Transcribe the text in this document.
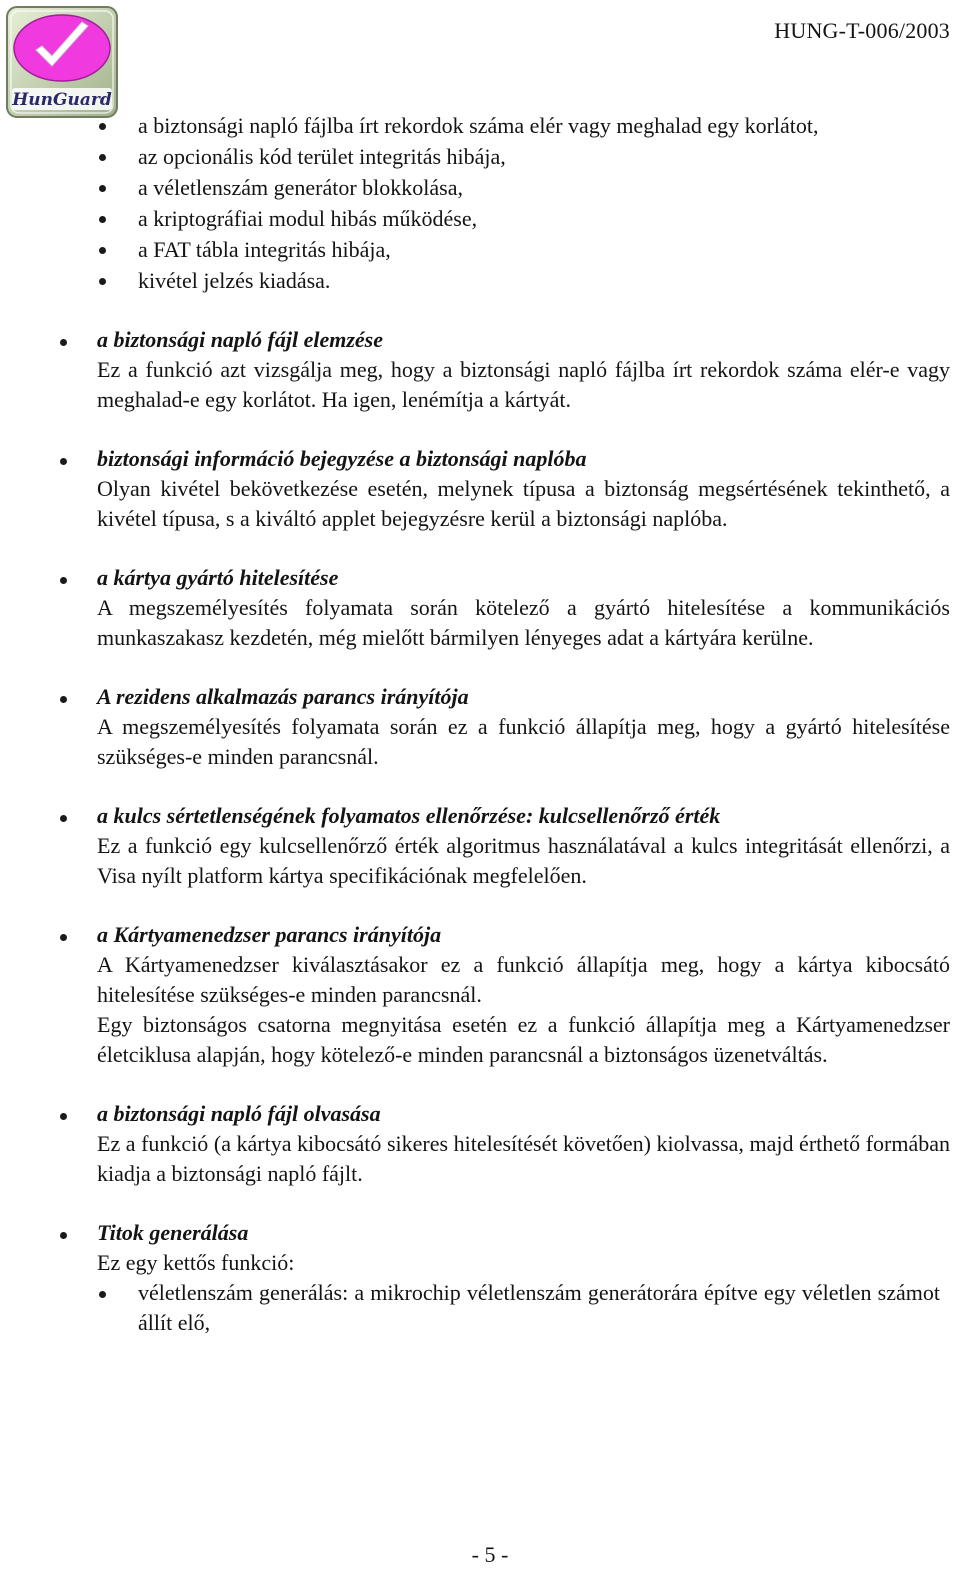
HunGuard
HUNG-T-006/2003
a biztonsági napló fájlba írt rekordok száma elér vagy meghalad egy korlátot,
az opcionális kód terület integritás hibája,
a véletlenszám generátor blokkolása,
a kriptográfiai modul hibás működése,
a FAT tábla integritás hibája,
kivétel jelzés kiadása.
a biztonsági napló fájl elemzése
Ez a funkció azt vizsgálja meg, hogy a biztonsági napló fájlba írt rekordok száma elér-e vagy meghalad-e egy korlátot. Ha igen, lenémítja a kártyát.
biztonsági információ bejegyzése a biztonsági naplóba
Olyan kivétel bekövetkezése esetén, melynek típusa a biztonság megsértésének tekinthető, a kivétel típusa, s a kiváltó applet bejegyzésre kerül a biztonsági naplóba.
a kártya gyártó hitelesítése
A megszemélyesítés folyamata során kötelező a gyártó hitelesítése a kommunikációs munkaszakasz kezdetén, még mielőtt bármilyen lényeges adat a kártyára kerülne.
A rezidens alkalmazás parancs irányítója
A megszemélyesítés folyamata során ez a funkció állapítja meg, hogy a gyártó hitelesítése szükséges-e minden parancsnál.
a kulcs sértetlenségének folyamatos ellenőrzése: kulcsellenőrző érték
Ez a funkció egy kulcsellenőrző érték algoritmus használatával a kulcs integritását ellenőrzi, a Visa nyílt platform kártya specifikációnak megfelelően.
a Kártyamenedzser parancs irányítója
A Kártyamenedzser kiválasztásakor ez a funkció állapítja meg, hogy a kártya kibocsátó hitelesítése szükséges-e minden parancsnál.
Egy biztonságos csatorna megnyitása esetén ez a funkció állapítja meg a Kártyamenedzser életciklusa alapján, hogy kötelező-e minden parancsnál a biztonságos üzenetváltás.
a biztonsági napló fájl olvasása
Ez a funkció (a kártya kibocsátó sikeres hitelesítését követően) kiolvassa, majd érthető formában kiadja a biztonsági napló fájlt.
Titok generálása
Ez egy kettős funkció:
véletlenszám generálás: a mikrochip véletlenszám generátorára építve egy véletlen számot állít elő,
- 5 -
